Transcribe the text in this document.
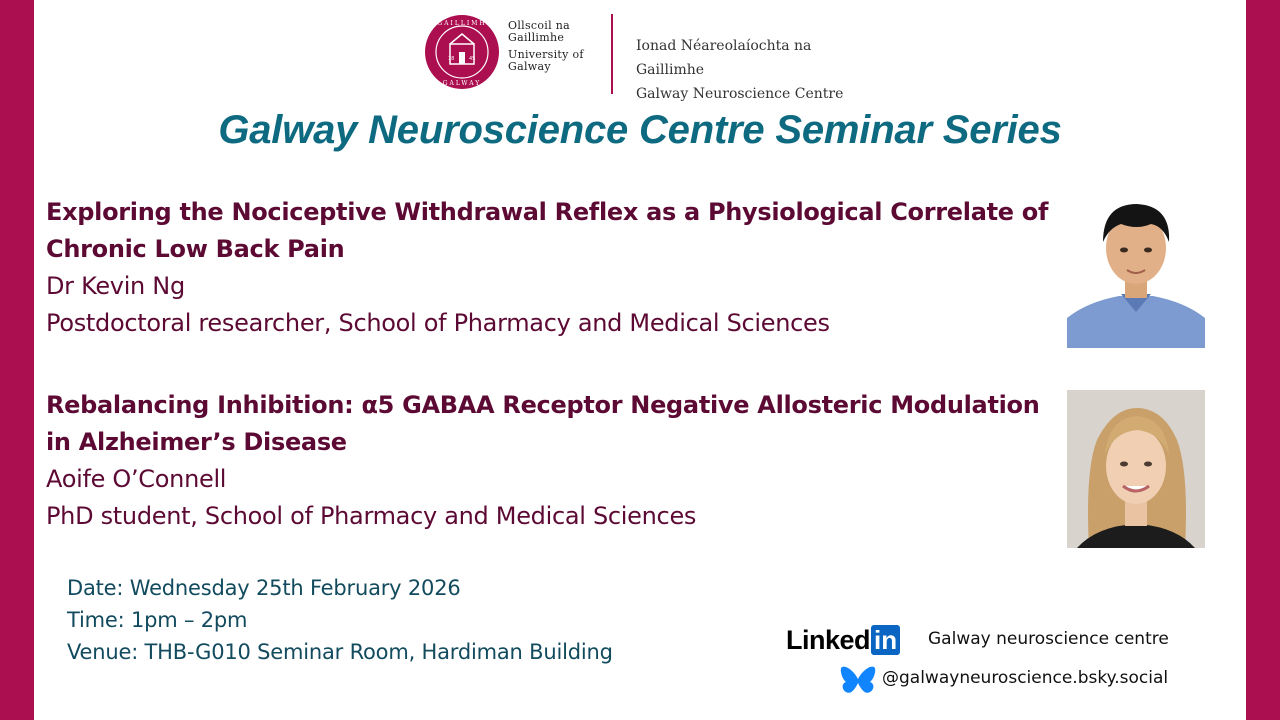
18	45
GAILLIMH
GALWAY
Ollscoil na Gaillimhe
University of Galway
Ionad Néareolaíochta na Gaillimhe
Galway Neuroscience Centre
Galway Neuroscience Centre Seminar Series
Exploring the Nociceptive Withdrawal Reflex as a Physiological Correlate of
Chronic Low Back Pain
Dr Kevin Ng
Postdoctoral researcher, School of Pharmacy and Medical Sciences
Rebalancing Inhibition: α5 GABAA Receptor Negative Allosteric Modulation
in Alzheimer’s Disease
Aoife O’Connell
PhD student, School of Pharmacy and Medical Sciences
Date: Wednesday 25th February 2026
Time: 1pm – 2pm
Venue: THB-G010 Seminar Room, Hardiman Building	Linked in Galway neuroscience centre
@galwayneuroscience.bsky.social
